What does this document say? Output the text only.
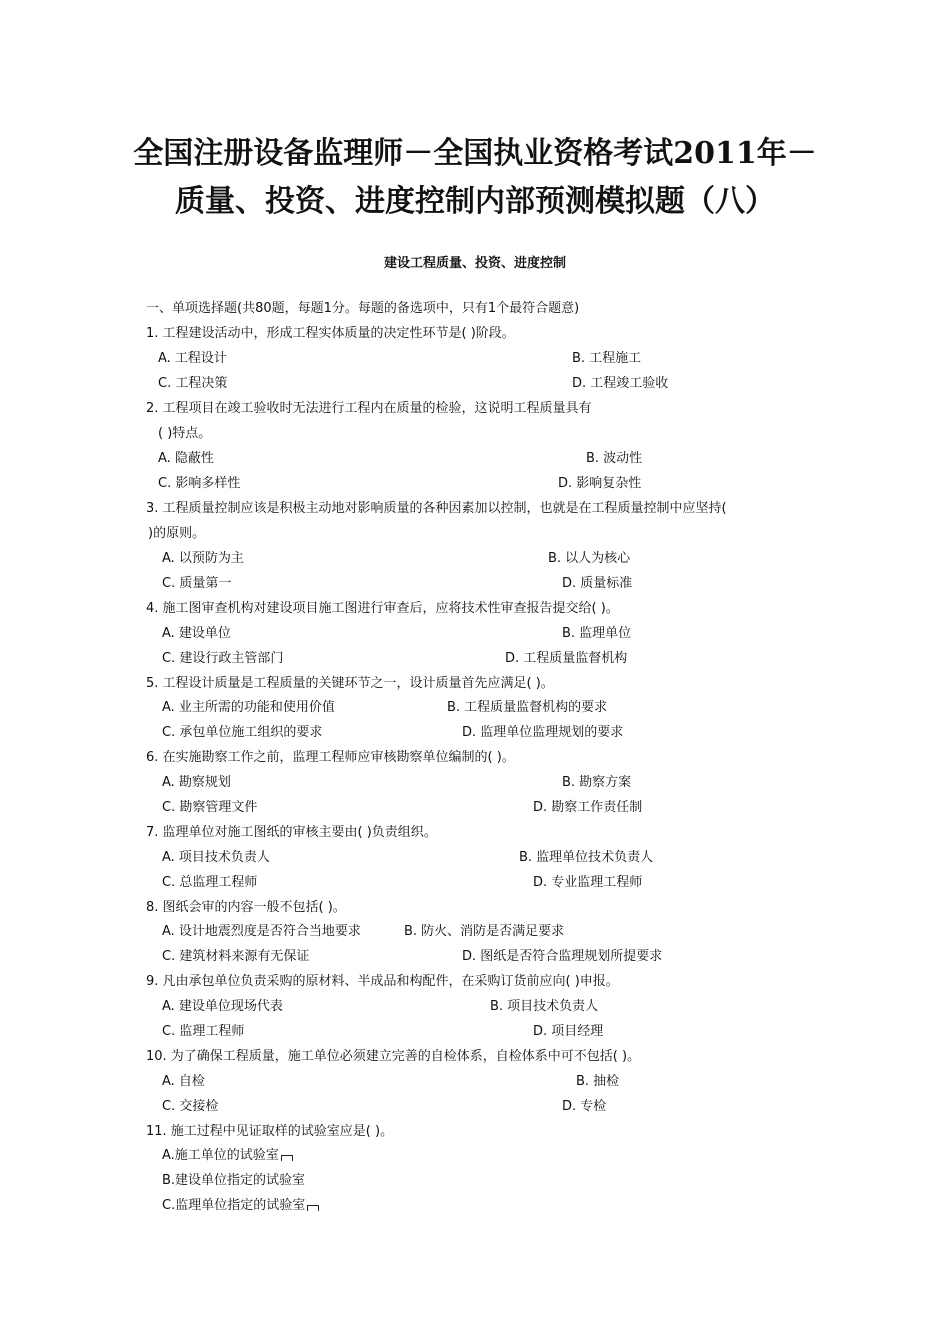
全国注册设备监理师－全国执业资格考试2011年－
质量、投资、进度控制内部预测模拟题（八）
建设工程质量、投资、进度控制
一、单项选择题(共80题，每题1分。每题的备选项中，只有1个最符合题意)
1. 工程建设活动中，形成工程实体质量的决定性环节是( )阶段。
A. 工程设计	B. 工程施工
C. 工程决策	D. 工程竣工验收
2. 工程项目在竣工验收时无法进行工程内在质量的检验，这说明工程质量具有
( )特点。
A. 隐蔽性	B. 波动性
C. 影响多样性	D. 影响复杂性
3. 工程质量控制应该是积极主动地对影响质量的各种因素加以控制，也就是在工程质量控制中应坚持(
)的原则。
A. 以预防为主	B. 以人为核心
C. 质量第一	D. 质量标准
4. 施工图审查机构对建设项目施工图进行审查后，应将技术性审查报告提交给( )。
A. 建设单位	B. 监理单位
C. 建设行政主管部门	D. 工程质量监督机构
5. 工程设计质量是工程质量的关键环节之一，设计质量首先应满足( )。
A. 业主所需的功能和使用价值	B. 工程质量监督机构的要求
C. 承包单位施工组织的要求	D. 监理单位监理规划的要求
6. 在实施勘察工作之前，监理工程师应审核勘察单位编制的( )。
A. 勘察规划	B. 勘察方案
C. 勘察管理文件	D. 勘察工作责任制
7. 监理单位对施工图纸的审核主要由( )负责组织。
A. 项目技术负责人	B. 监理单位技术负责人
C. 总监理工程师	D. 专业监理工程师
8. 图纸会审的内容一般不包括( )。
A. 设计地震烈度是否符合当地要求	B. 防火、消防是否满足要求
C. 建筑材料来源有无保证	D. 图纸是否符合监理规划所提要求
9. 凡由承包单位负责采购的原材料、半成品和构配件，在采购订货前应向( )申报。
A. 建设单位现场代表	B. 项目技术负责人
C. 监理工程师	D. 项目经理
10. 为了确保工程质量，施工单位必须建立完善的自检体系，自检体系中可不包括( )。
A. 自检	B. 抽检
C. 交接检	D. 专检
11. 施工过程中见证取样的试验室应是( )。
A.施工单位的试验室
B.建设单位指定的试验室
C.监理单位指定的试验室
